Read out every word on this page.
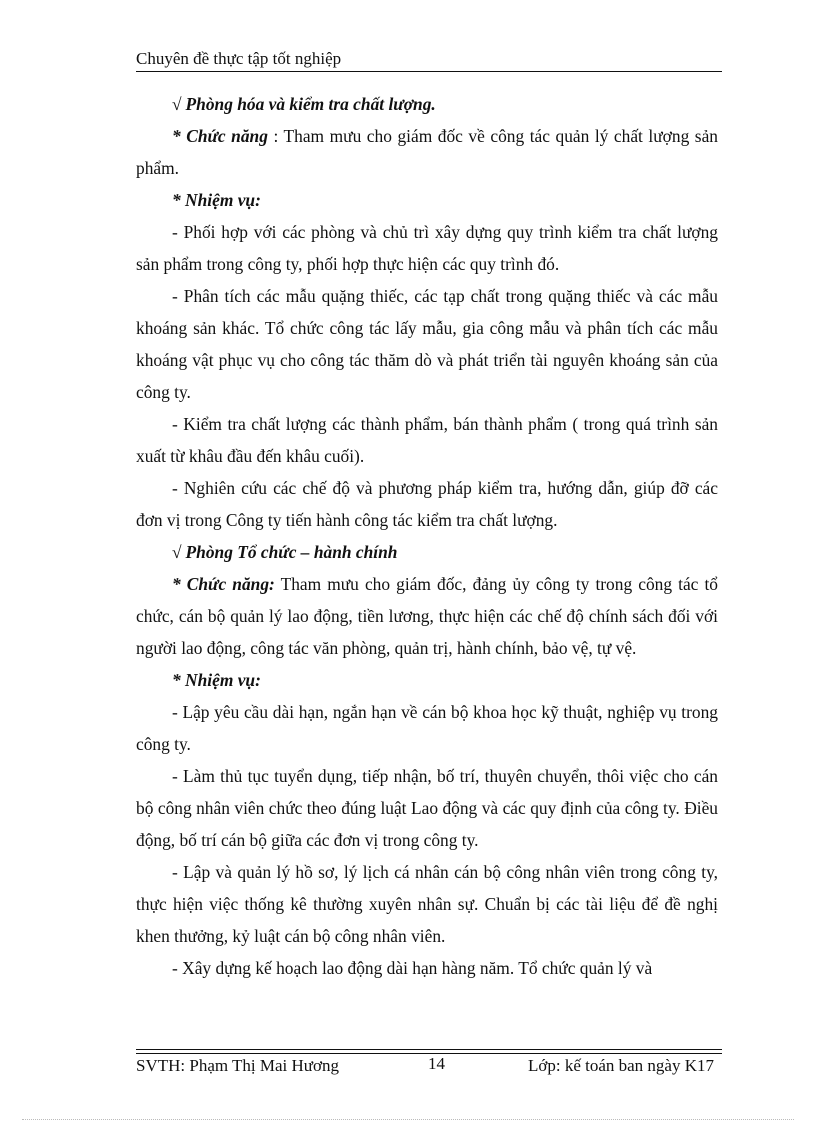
Chuyên đề thực tập tốt nghiệp

√ Phòng hóa và kiểm tra chất lượng.

* Chức năng : Tham mưu cho giám đốc về công tác quản lý chất lượng sản phẩm.

* Nhiệm vụ:

- Phối hợp với các phòng và chủ trì xây dựng quy trình kiểm tra chất lượng sản phẩm trong công ty, phối hợp thực hiện các quy trình đó.

- Phân tích các mẫu quặng thiếc, các tạp chất trong quặng thiếc và các mẫu khoáng sản khác. Tổ chức công tác lấy mẫu, gia công mẫu và phân tích các mẫu khoáng vật phục vụ cho công tác thăm dò và phát triển tài nguyên khoáng sản của công ty.

- Kiểm tra chất lượng các thành phẩm, bán thành phẩm ( trong quá trình sản xuất từ khâu đầu đến khâu cuối).

- Nghiên cứu các chế độ và phương pháp kiểm tra, hướng dẫn, giúp đỡ các đơn vị trong Công ty tiến hành công tác kiểm tra chất lượng.

√ Phòng Tổ chức – hành chính

* Chức năng: Tham mưu cho giám đốc, đảng ủy công ty trong công tác tổ chức, cán bộ quản lý lao động, tiền lương, thực hiện các chế độ chính sách đối với người lao động, công tác văn phòng, quản trị, hành chính, bảo vệ, tự vệ.

* Nhiệm vụ:

- Lập yêu cầu dài hạn, ngắn hạn về cán bộ khoa học kỹ thuật, nghiệp vụ trong công ty.

- Làm thủ tục tuyển dụng, tiếp nhận, bố trí, thuyên chuyển, thôi việc cho cán bộ công nhân viên chức theo đúng luật Lao động và các quy định của công ty. Điều động, bố trí cán bộ giữa các đơn vị trong công ty.

- Lập và quản lý hồ sơ, lý lịch cá nhân cán bộ công nhân viên trong công ty, thực hiện việc thống kê thường xuyên nhân sự. Chuẩn bị các tài liệu để đề nghị khen thưởng, kỷ luật cán bộ công nhân viên.

- Xây dựng kế hoạch lao động dài hạn hàng năm. Tổ chức quản lý và

SVTH: Phạm Thị Mai Hương	14	Lớp: kế toán ban ngày K17
